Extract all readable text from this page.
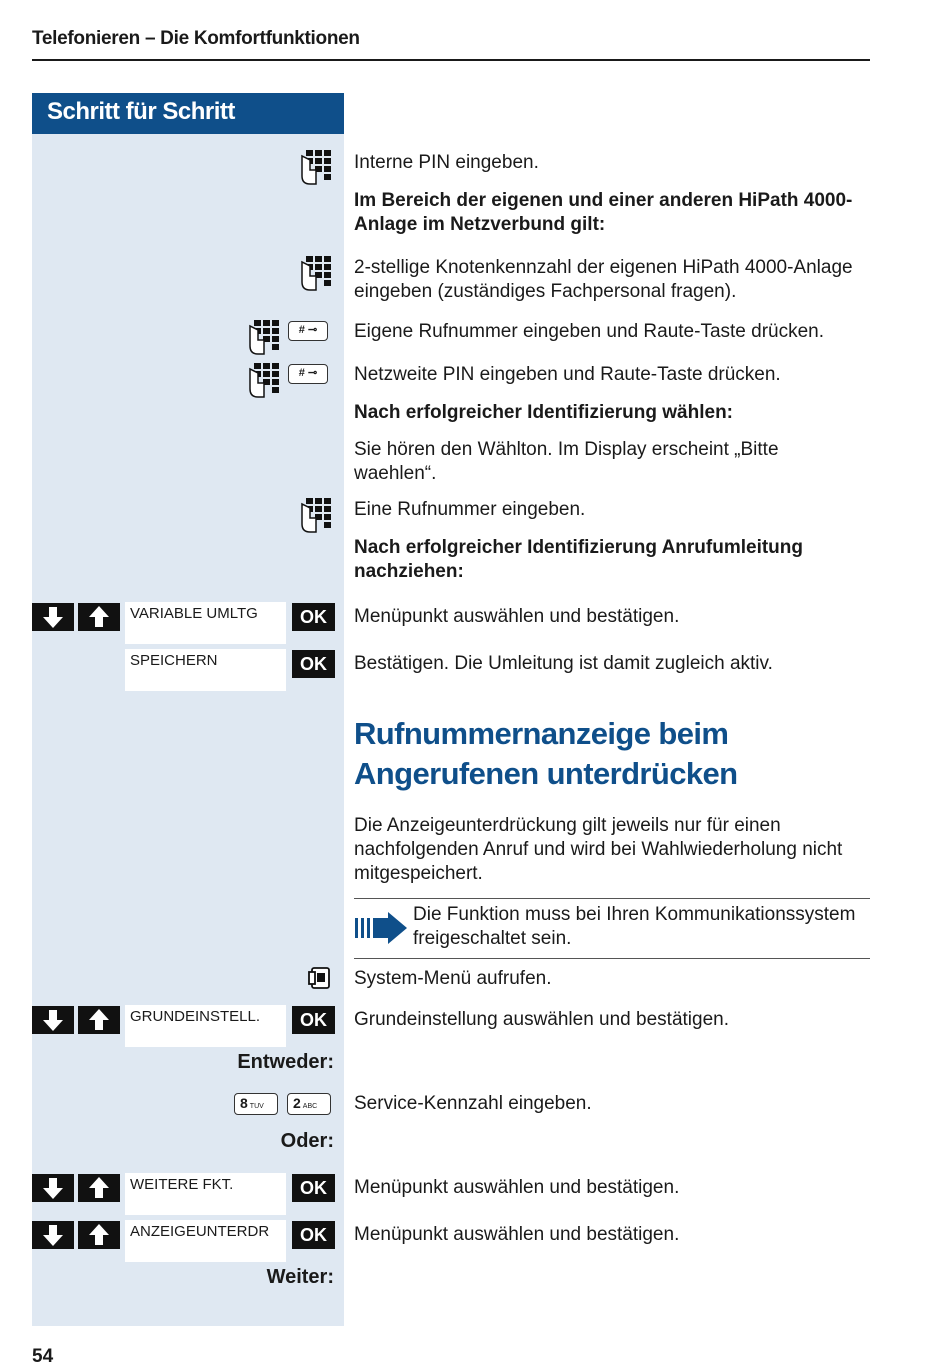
Telefonieren – Die Komfortfunktionen
Schritt für Schritt
Interne PIN eingeben.
Im Bereich der eigenen und einer anderen HiPath 4000-Anlage im Netzverbund gilt:
2-stellige Knotenkennzahl der eigenen HiPath 4000-Anlage eingeben (zuständiges Fachpersonal fragen).
# ⊸	Eigene Rufnummer eingeben und Raute-Taste drücken.
# ⊸	Netzweite PIN eingeben und Raute-Taste drücken.
Nach erfolgreicher Identifizierung wählen:
Sie hören den Wählton. Im Display erscheint „Bitte waehlen“.
Eine Rufnummer eingeben.
Nach erfolgreicher Identifizierung Anrufumleitung nachziehen:
VARIABLE UMLTG	OK	Menüpunkt auswählen und bestätigen.
SPEICHERN	OK	Bestätigen. Die Umleitung ist damit zugleich aktiv.
Rufnummernanzeige beim Angerufenen unterdrücken
Die Anzeigeunterdrückung gilt jeweils nur für einen nachfolgenden Anruf und wird bei Wahlwiederholung nicht mitgespeichert.
Die Funktion muss bei Ihren Kommunikationssystem freigeschaltet sein.
System-Menü aufrufen.
GRUNDEINSTELL.	OK	Grundeinstellung auswählen und bestätigen.
Entweder:
8 TUV	2 ABC	Service-Kennzahl eingeben.
Oder:
WEITERE FKT.	OK	Menüpunkt auswählen und bestätigen.
ANZEIGEUNTERDR	OK	Menüpunkt auswählen und bestätigen.
Weiter:
54
